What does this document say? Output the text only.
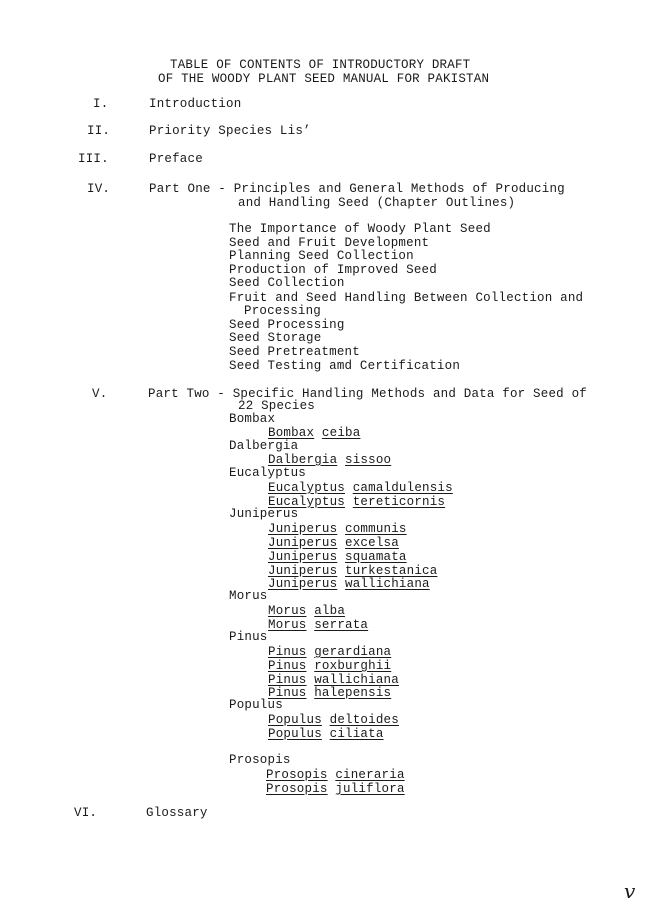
TABLE OF CONTENTS OF INTRODUCTORY DRAFT
OF THE WOODY PLANT SEED MANUAL FOR PAKISTAN
I.	Introduction
II.	Priority Species Lis’
III.	Preface
IV.	Part One - Principles and General Methods of Producing
and Handling Seed (Chapter Outlines)
The Importance of Woody Plant Seed
Seed and Fruit Development
Planning Seed Collection
Production of Improved Seed
Seed Collection
Fruit and Seed Handling Between Collection and
Processing
Seed Processing
Seed Storage
Seed Pretreatment
Seed Testing amd Certification
V.	Part Two - Specific Handling Methods and Data for Seed of
22 Species
Bombax
Bombax ceiba
Dalbergia
Dalbergia sissoo
Eucalyptus
Eucalyptus camaldulensis
Eucalyptus tereticornis
Juniperus
Juniperus communis
Juniperus excelsa
Juniperus squamata
Juniperus turkestanica
Juniperus wallichiana
Morus
Morus alba
Morus serrata
Pinus
Pinus gerardiana
Pinus roxburghii
Pinus wallichiana
Pinus halepensis
Populus
Populus deltoides
Populus ciliata
Prosopis
Prosopis cineraria
Prosopis juliflora
VI.	Glossary
v
